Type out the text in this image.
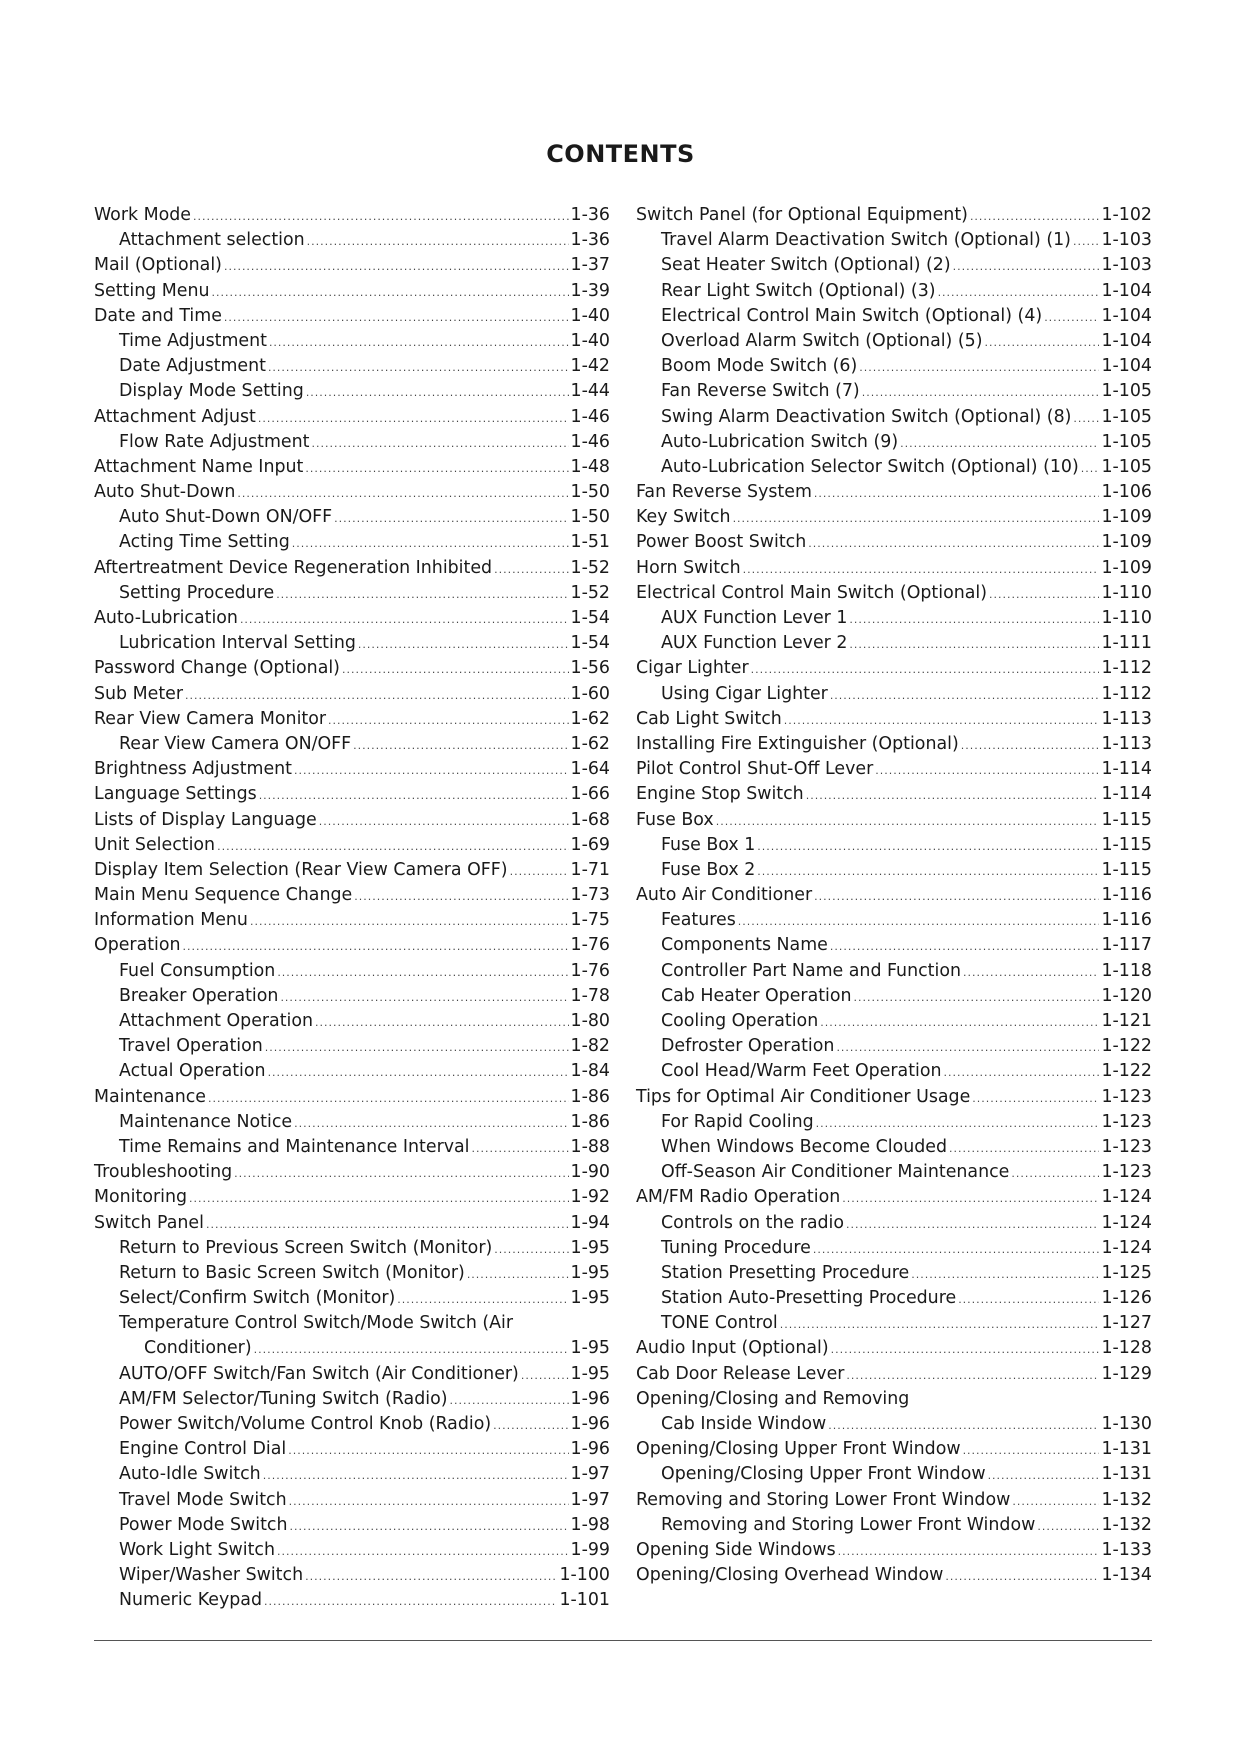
CONTENTS
Work Mode .....	1-36
Attachment selection .....	1-36
Mail (Optional) .....	1-37
Setting Menu .....	1-39
Date and Time .....	1-40
Time Adjustment .....	1-40
Date Adjustment .....	1-42
Display Mode Setting .....	1-44
Attachment Adjust .....	1-46
Flow Rate Adjustment .....	1-46
Attachment Name Input .....	1-48
Auto Shut-Down .....	1-50
Auto Shut-Down ON/OFF .....	1-50
Acting Time Setting .....	1-51
Aftertreatment Device Regeneration Inhibited .....	1-52
Setting Procedure .....	1-52
Auto-Lubrication .....	1-54
Lubrication Interval Setting .....	1-54
Password Change (Optional) .....	1-56
Sub Meter .....	1-60
Rear View Camera Monitor .....	1-62
Rear View Camera ON/OFF .....	1-62
Brightness Adjustment .....	1-64
Language Settings .....	1-66
Lists of Display Language .....	1-68
Unit Selection .....	1-69
Display Item Selection (Rear View Camera OFF) .....	1-71
Main Menu Sequence Change .....	1-73
Information Menu .....	1-75
Operation .....	1-76
Fuel Consumption .....	1-76
Breaker Operation .....	1-78
Attachment Operation .....	1-80
Travel Operation .....	1-82
Actual Operation .....	1-84
Maintenance .....	1-86
Maintenance Notice .....	1-86
Time Remains and Maintenance Interval .....	1-88
Troubleshooting .....	1-90
Monitoring .....	1-92
Switch Panel .....	1-94
Return to Previous Screen Switch (Monitor) .....	1-95
Return to Basic Screen Switch (Monitor) .....	1-95
Select/Confirm Switch (Monitor) .....	1-95
Temperature Control Switch/Mode Switch (Air
Conditioner) .....	1-95
AUTO/OFF Switch/Fan Switch (Air Conditioner) .....	1-95
AM/FM Selector/Tuning Switch (Radio) .....	1-96
Power Switch/Volume Control Knob (Radio) .....	1-96
Engine Control Dial .....	1-96
Auto-Idle Switch .....	1-97
Travel Mode Switch .....	1-97
Power Mode Switch .....	1-98
Work Light Switch .....	1-99
Wiper/Washer Switch .....	1-100
Numeric Keypad .....	1-101
Switch Panel (for Optional Equipment) .....	1-102
Travel Alarm Deactivation Switch (Optional) (1) ..... 1-103
Seat Heater Switch (Optional) (2) .....	1-103
Rear Light Switch (Optional) (3) .....	1-104
Electrical Control Main Switch (Optional) (4) .....	1-104
Overload Alarm Switch (Optional) (5) .....	1-104
Boom Mode Switch (6) .....	1-104
Fan Reverse Switch (7) .....	1-105
Swing Alarm Deactivation Switch (Optional) (8) ..... 1-105
Auto-Lubrication Switch (9) .....	1-105
Auto-Lubrication Selector Switch (Optional) (10) ..... 1-105
Fan Reverse System .....	1-106
Key Switch .....	1-109
Power Boost Switch .....	1-109
Horn Switch .....	1-109
Electrical Control Main Switch (Optional) .....	1-110
AUX Function Lever 1 .....	1-110
AUX Function Lever 2 .....	1-111
Cigar Lighter .....	1-112
Using Cigar Lighter .....	1-112
Cab Light Switch .....	1-113
Installing Fire Extinguisher (Optional) .....	1-113
Pilot Control Shut-Off Lever .....	1-114
Engine Stop Switch .....	1-114
Fuse Box .....	1-115
Fuse Box 1 .....	1-115
Fuse Box 2 .....	1-115
Auto Air Conditioner .....	1-116
Features .....	1-116
Components Name .....	1-117
Controller Part Name and Function .....	1-118
Cab Heater Operation .....	1-120
Cooling Operation .....	1-121
Defroster Operation .....	1-122
Cool Head/Warm Feet Operation .....	1-122
Tips for Optimal Air Conditioner Usage .....	1-123
For Rapid Cooling .....	1-123
When Windows Become Clouded .....	1-123
Off-Season Air Conditioner Maintenance .....	1-123
AM/FM Radio Operation .....	1-124
Controls on the radio .....	1-124
Tuning Procedure .....	1-124
Station Presetting Procedure .....	1-125
Station Auto-Presetting Procedure .....	1-126
TONE Control .....	1-127
Audio Input (Optional) .....	1-128
Cab Door Release Lever .....	1-129
Opening/Closing and Removing
Cab Inside Window .....	1-130
Opening/Closing Upper Front Window .....	1-131
Opening/Closing Upper Front Window .....	1-131
Removing and Storing Lower Front Window .....	1-132
Removing and Storing Lower Front Window .....	1-132
Opening Side Windows .....	1-133
Opening/Closing Overhead Window .....	1-134
